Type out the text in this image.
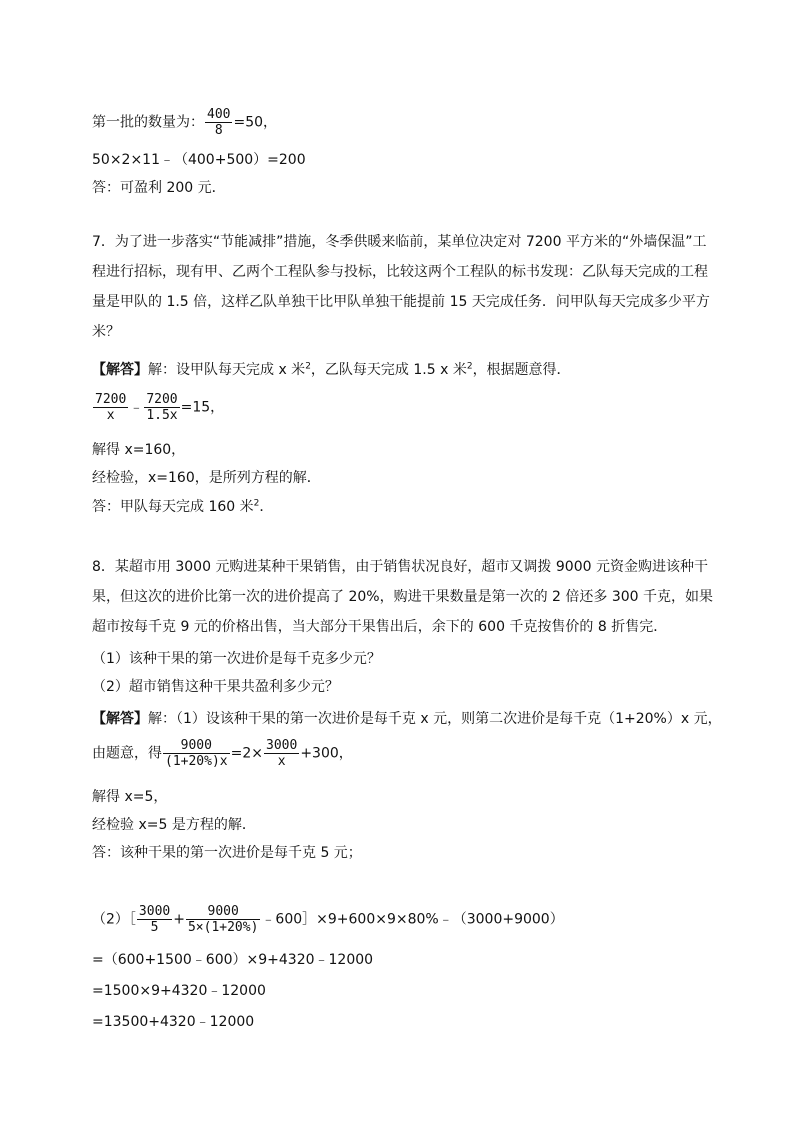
第一批的数量为： $\frac{400}{8} =50$，
50×2×11﹣（400+500）=200
答：可盈利 200 元．
7．为了进一步落实“节能减排”措施，冬季供暖来临前，某单位决定对 7200 平方米的“外墙保温”工程进行招标，现有甲、乙两个工程队参与投标，比较这两个工程队的标书发现：乙队每天完成的工程量是甲队的 1.5 倍，这样乙队单独干比甲队单独干能提前 15 天完成任务．问甲队每天完成多少平方米？
【解答】解：设甲队每天完成 x 米$^2$，乙队每天完成 1.5 x 米$^2$，根据题意得．
$\frac{7200}{x}$ ﹣ $\frac{7200}{1.5x} =15$，
解得 x=160，
经检验，x=160，是所列方程的解．
答：甲队每天完成 160 米$^2$．
8．某超市用 3000 元购进某种干果销售，由于销售状况良好，超市又调拨 9000 元资金购进该种干果，但这次的进价比第一次的进价提高了 20%，购进干果数量是第一次的 2 倍还多 300 千克，如果超市按每千克 9 元的价格出售，当大部分干果售出后，余下的 600 千克按售价的 8 折售完．
（1）该种干果的第一次进价是每千克多少元？
（2）超市销售这种干果共盈利多少元？
【解答】解：（1）设该种干果的第一次进价是每千克 x 元，则第二次进价是每千克（1+20%）x 元，
由题意，得 $\frac{9000}{(1+20\%)x} =2\times \frac{3000}{x} +300$，
解得 x=5，
经检验 x=5 是方程的解．
答：该种干果的第一次进价是每千克 5 元；
（2）［ $\frac{3000}{5} + \frac{9000}{5\times(1+20\%)}$ ﹣600］×9+600×9×80%﹣（3000+9000）
=（600+1500﹣600）×9+4320﹣12000
=1500×9+4320﹣12000
=13500+4320﹣12000
